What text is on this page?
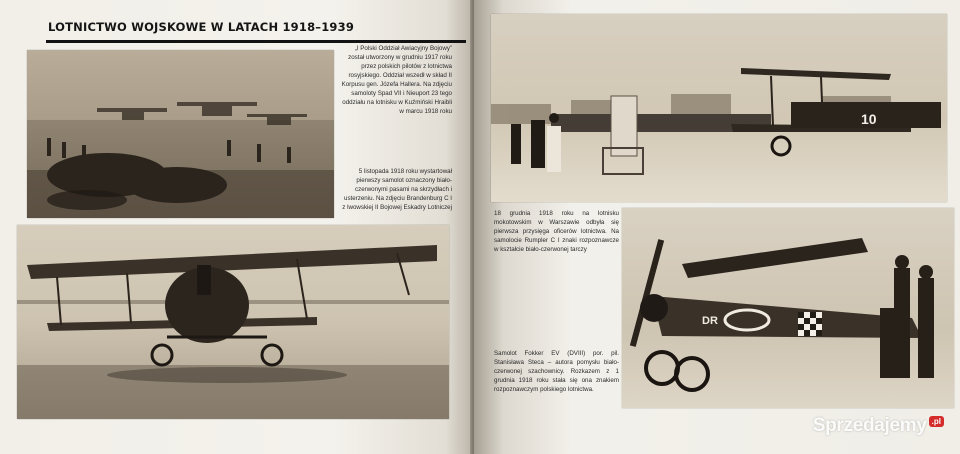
LOTNICTWO WOJSKOWE W LATACH 1918–1939

„I Polski Oddział Awiacyjny Bojowy” został utworzony w grudniu 1917 roku przez polskich pilotów z lotnictwa rosyjskiego. Oddział wszedł w skład II Korpusu gen. Józefa Hallera. Na zdjęciu samoloty Spad VII i Nieuport 23 tego oddziału na lotnisku w Kuźmiński Hraibli w marcu 1918 roku

5 listopada 1918 roku wystartował pierwszy samolot oznaczony biało-czerwonymi pasami na skrzydłach i usterzeniu. Na zdjęciu Brandenburg C I z lwowskiej II Bojowej Eskadry Lotniczej

10

18 grudnia 1918 roku na lotnisku mokotowskim w Warszawie odbyła się pierwsza przysięga oficerów lotnictwa. Na samolocie Rumpler C I znaki rozpoznawcze w kształcie biało-czerwonej tarczy

Samolot Fokker EV (DVIII) por. pil. Stanisława Steca – autora pomysłu biało-czerwonej szachownicy. Rozkazem z 1 grudnia 1918 roku stała się ona znakiem rozpoznawczym polskiego lotnictwa.

DR
Sprzedajemy .pl
